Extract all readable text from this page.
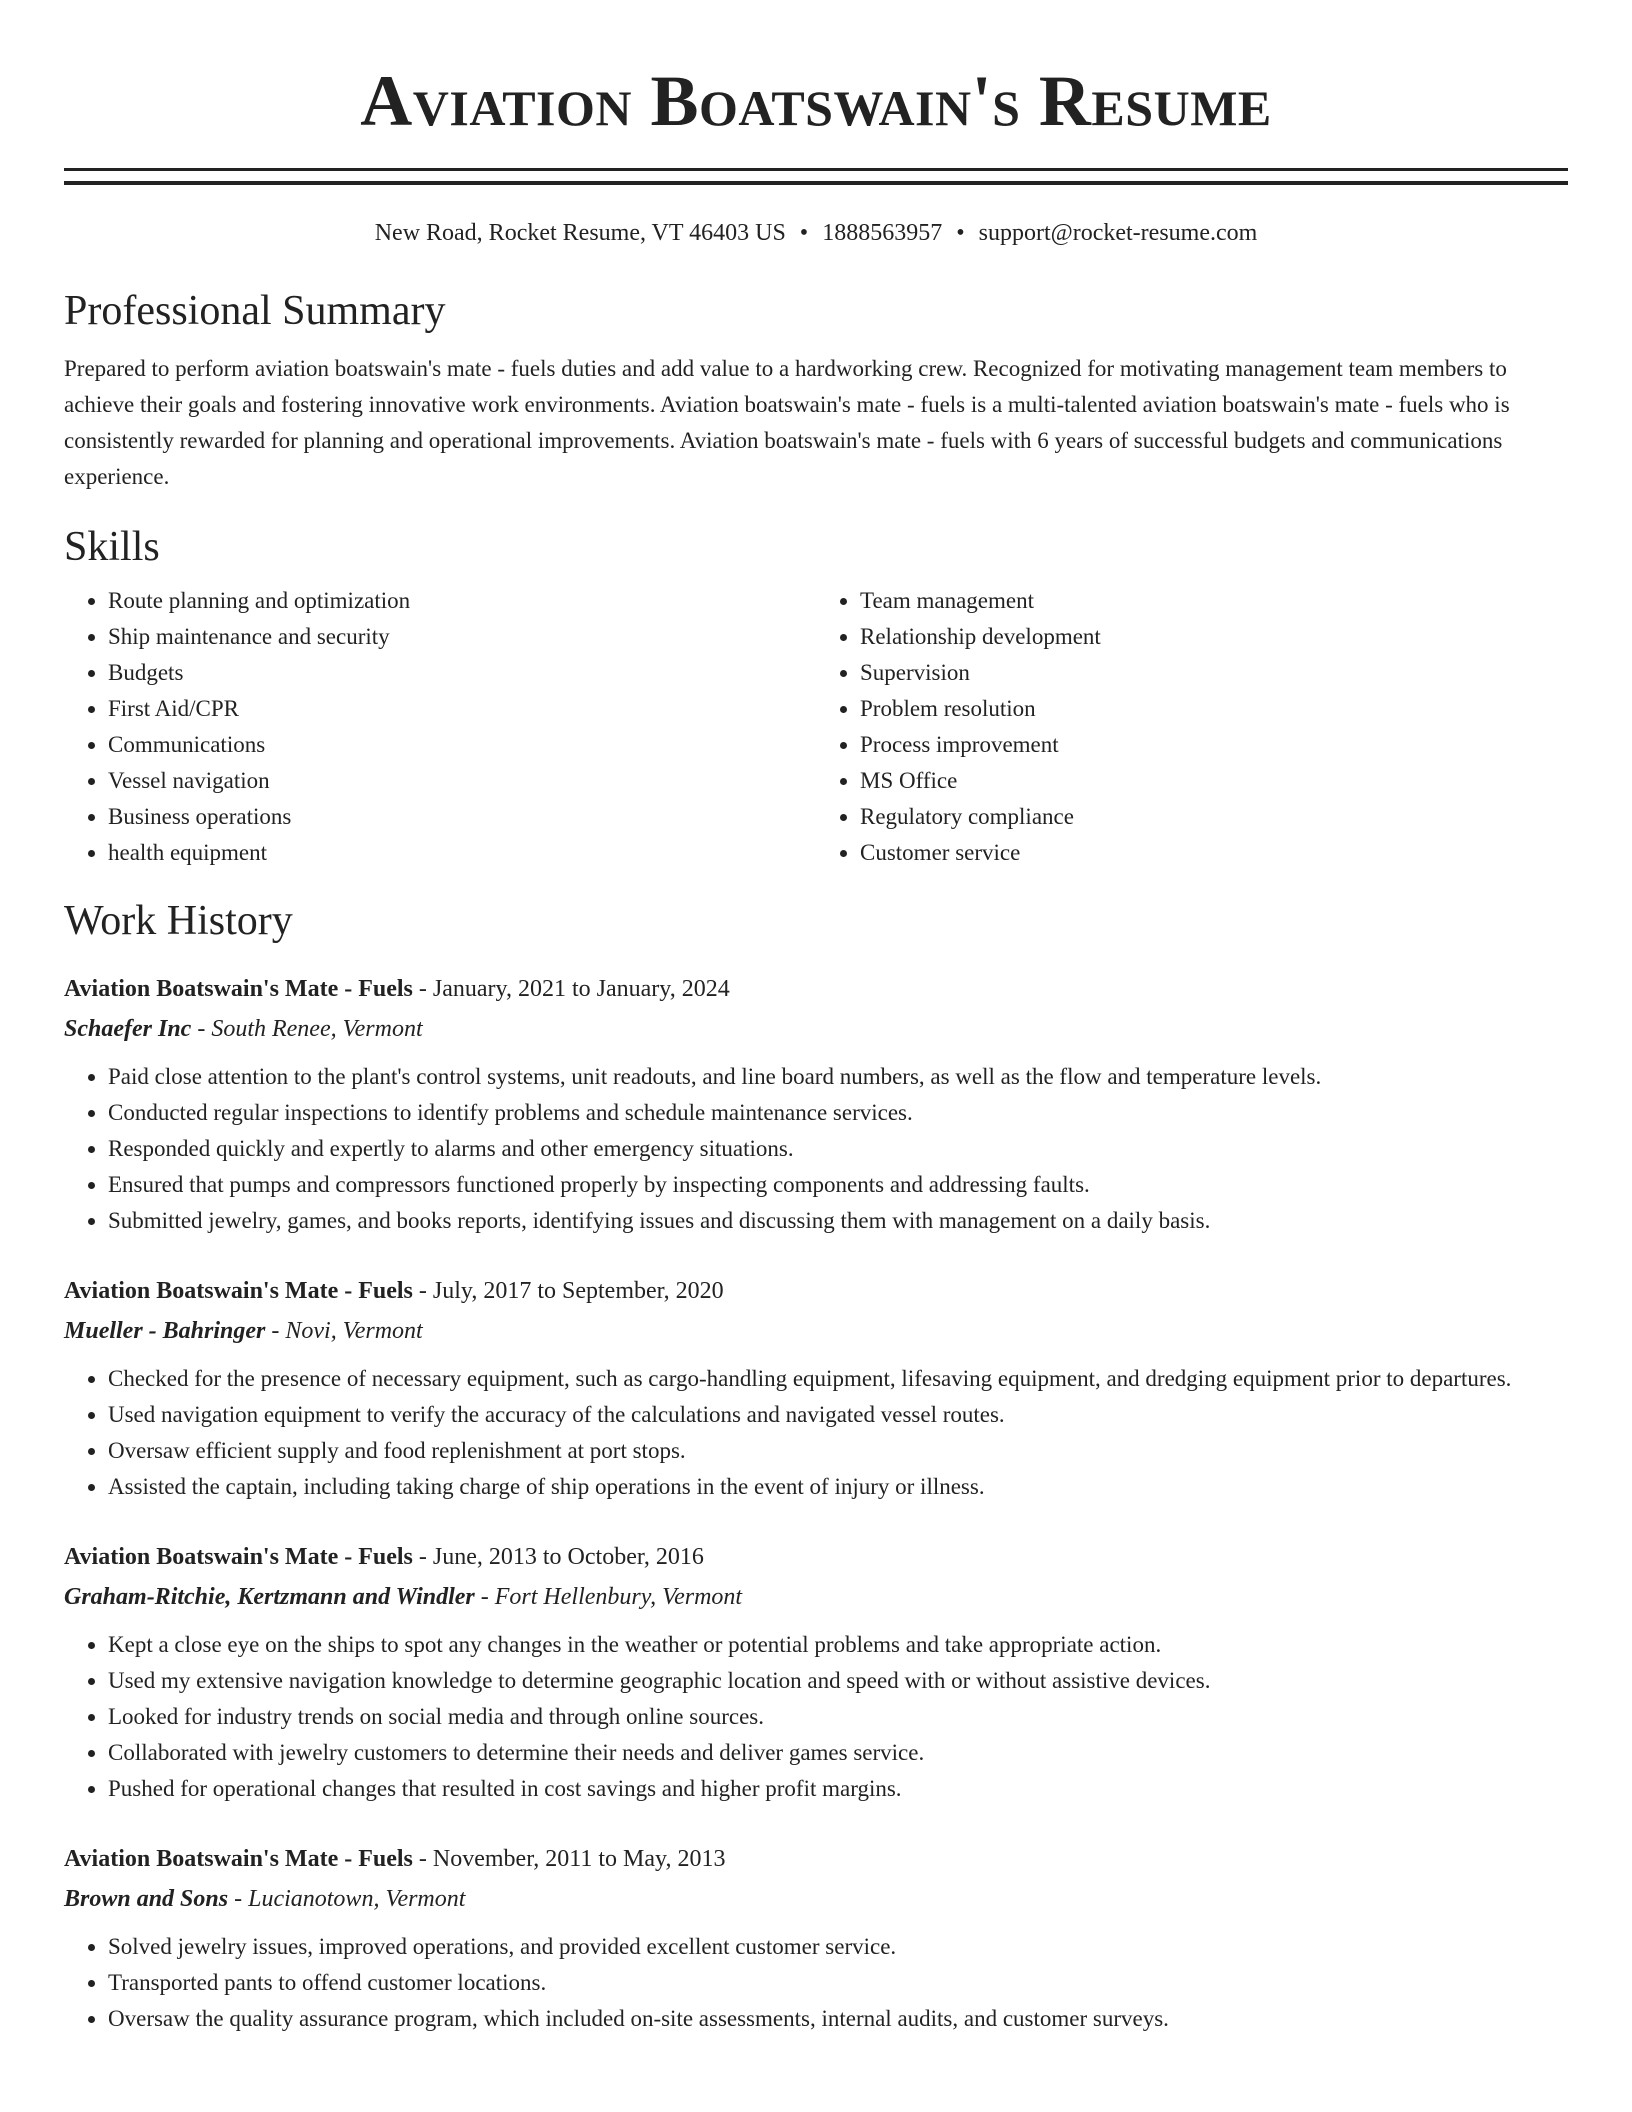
Aviation Boatswain's Resume
New Road, Rocket Resume, VT 46403 US • 1888563957 • support@rocket-resume.com
Professional Summary

Prepared to perform aviation boatswain's mate - fuels duties and add value to a hardworking crew. Recognized for motivating management team members to achieve their goals and fostering innovative work environments. Aviation boatswain's mate - fuels is a multi-talented aviation boatswain's mate - fuels who is consistently rewarded for planning and operational improvements. Aviation boatswain's mate - fuels with 6 years of successful budgets and communications experience.

Skills
• Route planning and optimization
• Ship maintenance and security
• Budgets
• First Aid/CPR
• Communications
• Vessel navigation
• Business operations
• health equipment
• Team management
• Relationship development
• Supervision
• Problem resolution
• Process improvement
• MS Office
• Regulatory compliance
• Customer service
Work History
Aviation Boatswain's Mate - Fuels - January, 2021 to January, 2024
Schaefer Inc - South Renee, Vermont
• Paid close attention to the plant's control systems, unit readouts, and line board numbers, as well as the flow and temperature levels.
• Conducted regular inspections to identify problems and schedule maintenance services.
• Responded quickly and expertly to alarms and other emergency situations.
• Ensured that pumps and compressors functioned properly by inspecting components and addressing faults.
• Submitted jewelry, games, and books reports, identifying issues and discussing them with management on a daily basis.
Aviation Boatswain's Mate - Fuels - July, 2017 to September, 2020
Mueller - Bahringer - Novi, Vermont
• Checked for the presence of necessary equipment, such as cargo-handling equipment, lifesaving equipment, and dredging equipment prior to departures.
• Used navigation equipment to verify the accuracy of the calculations and navigated vessel routes.
• Oversaw efficient supply and food replenishment at port stops.
• Assisted the captain, including taking charge of ship operations in the event of injury or illness.
Aviation Boatswain's Mate - Fuels - June, 2013 to October, 2016
Graham-Ritchie, Kertzmann and Windler - Fort Hellenbury, Vermont
• Kept a close eye on the ships to spot any changes in the weather or potential problems and take appropriate action.
• Used my extensive navigation knowledge to determine geographic location and speed with or without assistive devices.
• Looked for industry trends on social media and through online sources.
• Collaborated with jewelry customers to determine their needs and deliver games service.
• Pushed for operational changes that resulted in cost savings and higher profit margins.
Aviation Boatswain's Mate - Fuels - November, 2011 to May, 2013
Brown and Sons - Lucianotown, Vermont
• Solved jewelry issues, improved operations, and provided excellent customer service.
• Transported pants to offend customer locations.
• Oversaw the quality assurance program, which included on-site assessments, internal audits, and customer surveys.
